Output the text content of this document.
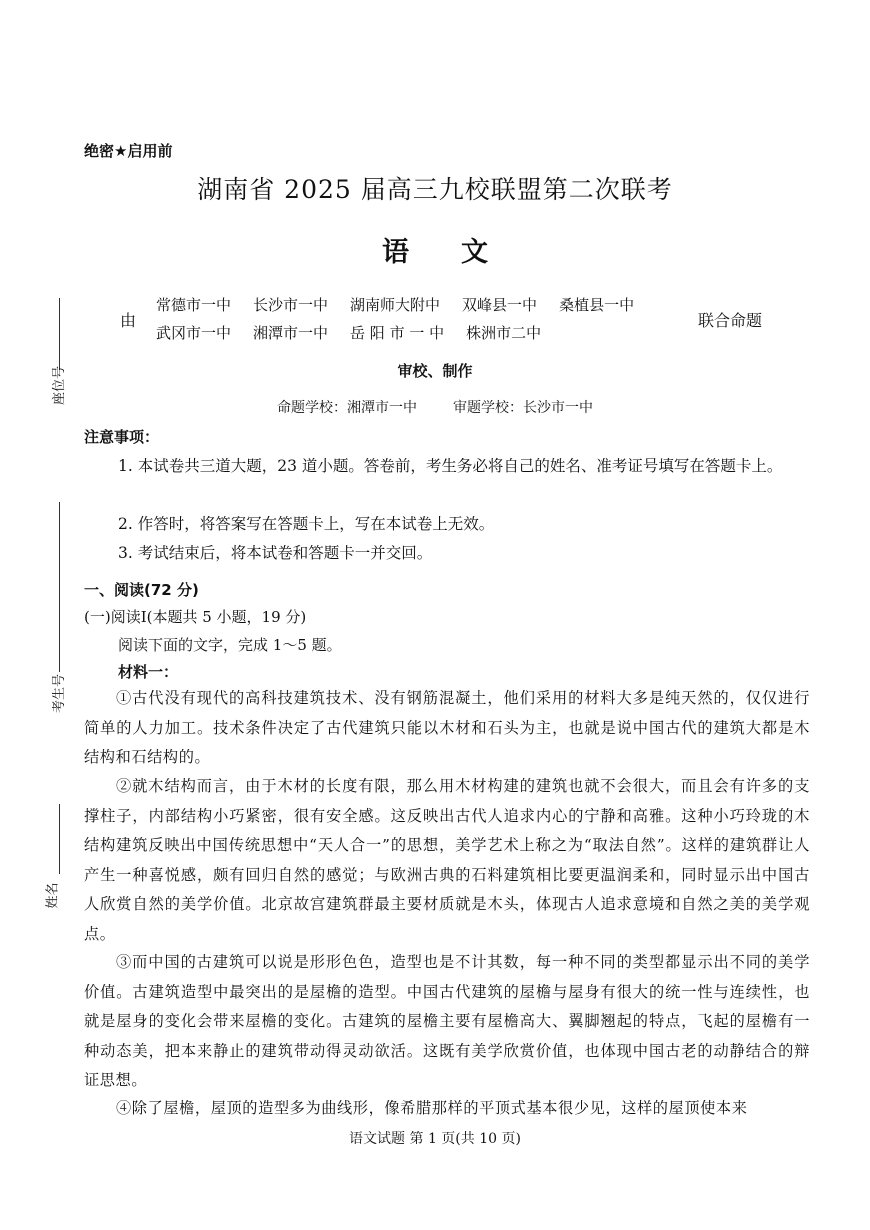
座位号
考生号
姓名
绝密★启用前
湖南省 2025 届高三九校联盟第二次联考
语 文
由
常德市一中 长沙市一中 湖南师大附中 双峰县一中 桑植县一中
武冈市一中 湘潭市一中 岳 阳 市 一 中 株洲市二中
联合命题
审校、制作
命题学校：湘潭市一中	审题学校：长沙市一中
注意事项：
1. 本试卷共三道大题，23 道小题。答卷前，考生务必将自己的姓名、准考证号填写在答题卡上。
2. 作答时，将答案写在答题卡上，写在本试卷上无效。
3. 考试结束后，将本试卷和答题卡一并交回。
一、阅读(72 分)
(一)阅读Ⅰ(本题共 5 小题，19 分)
阅读下面的文字，完成 1～5 题。
材料一：
①古代没有现代的高科技建筑技术、没有钢筋混凝土，他们采用的材料大多是纯天然的，仅仅进行简单的人力加工。技术条件决定了古代建筑只能以木材和石头为主，也就是说中国古代的建筑大都是木结构和石结构的。
②就木结构而言，由于木材的长度有限，那么用木材构建的建筑也就不会很大，而且会有许多的支撑柱子，内部结构小巧紧密，很有安全感。这反映出古代人追求内心的宁静和高雅。这种小巧玲珑的木结构建筑反映出中国传统思想中“天人合一”的思想，美学艺术上称之为“取法自然”。这样的建筑群让人产生一种喜悦感，颇有回归自然的感觉；与欧洲古典的石料建筑相比要更温润柔和，同时显示出中国古人欣赏自然的美学价值。北京故宫建筑群最主要材质就是木头，体现古人追求意境和自然之美的美学观点。
③而中国的古建筑可以说是形形色色，造型也是不计其数，每一种不同的类型都显示出不同的美学价值。古建筑造型中最突出的是屋檐的造型。中国古代建筑的屋檐与屋身有很大的统一性与连续性，也就是屋身的变化会带来屋檐的变化。古建筑的屋檐主要有屋檐高大、翼脚翘起的特点，飞起的屋檐有一种动态美，把本来静止的建筑带动得灵动欲活。这既有美学欣赏价值，也体现中国古老的动静结合的辩证思想。
④除了屋檐，屋顶的造型多为曲线形，像希腊那样的平顶式基本很少见，这样的屋顶使本来
语文试题 第 1 页(共 10 页)
